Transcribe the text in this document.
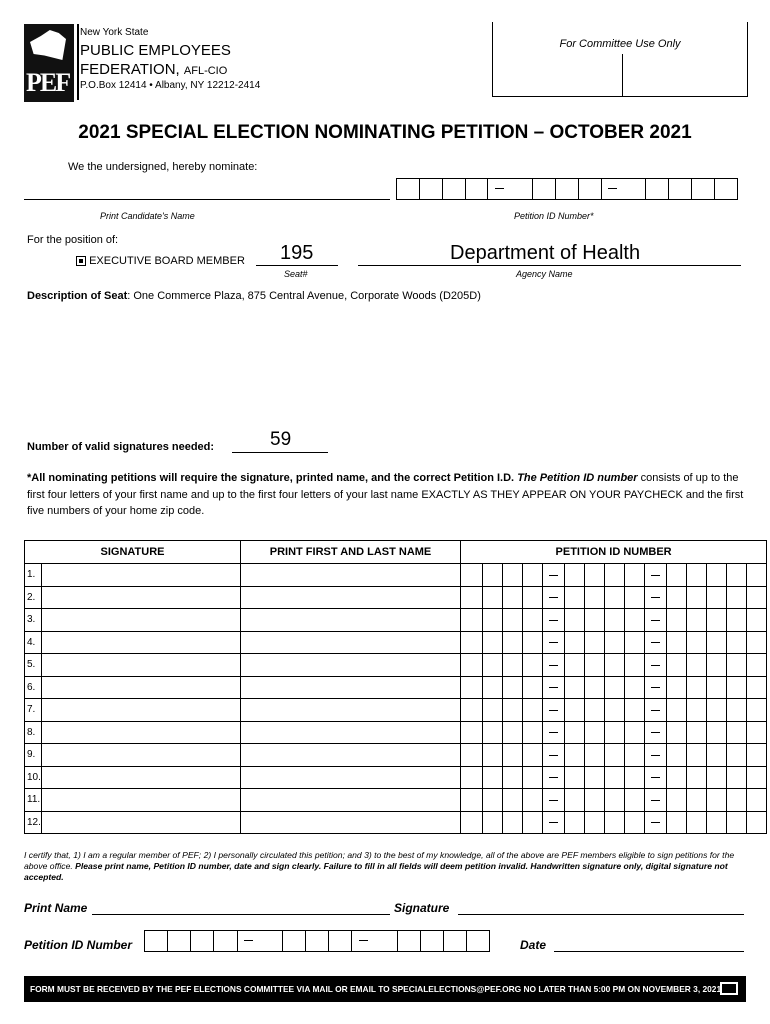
PEF
New York State
PUBLIC EMPLOYEES
FEDERATION, AFL-CIO
P.O.Box 12414 • Albany, NY 12212-2414
For Committee Use Only
2021 SPECIAL ELECTION NOMINATING PETITION – OCTOBER 2021
We the undersigned, hereby nominate:
Print Candidate's Name	Petition ID Number*
For the position of:
EXECUTIVE BOARD MEMBER 195
Seat#
Department of Health
Agency Name
Description of Seat: One Commerce Plaza, 875 Central Avenue, Corporate Woods (D205D)
Number of valid signatures needed:	59
*All nominating petitions will require the signature, printed name, and the correct Petition I.D. The Petition ID number consists of up to the first four letters of your first name and up to the first four letters of your last name EXACTLY AS THEY APPEAR ON YOUR PAYCHECK and the first five numbers of your home zip code.
SIGNATURE		PRINT FIRST AND LAST NAME	PETITION ID NUMBER														
1.																	
2.																	
3.																	
4.																	
5.																	
6.																	
7.																	
8.																	
9.																	
10.																	
11.																	
12.																	
I certify that, 1) I am a regular member of PEF; 2) I personally circulated this petition; and 3) to the best of my knowledge, all of the above are PEF members eligible to sign petitions for the above office. Please print name, Petition ID number, date and sign clearly. Failure to fill in all fields will deem petition invalid. Handwritten signature only, digital signature not accepted.
Print Name	Signature
Petition ID Number	Date
FORM MUST BE RECEIVED BY THE PEF ELECTIONS COMMITTEE VIA MAIL OR EMAIL TO SPECIALELECTIONS@PEF.ORG NO LATER THAN 5:00 PM ON NOVEMBER 3, 2021
